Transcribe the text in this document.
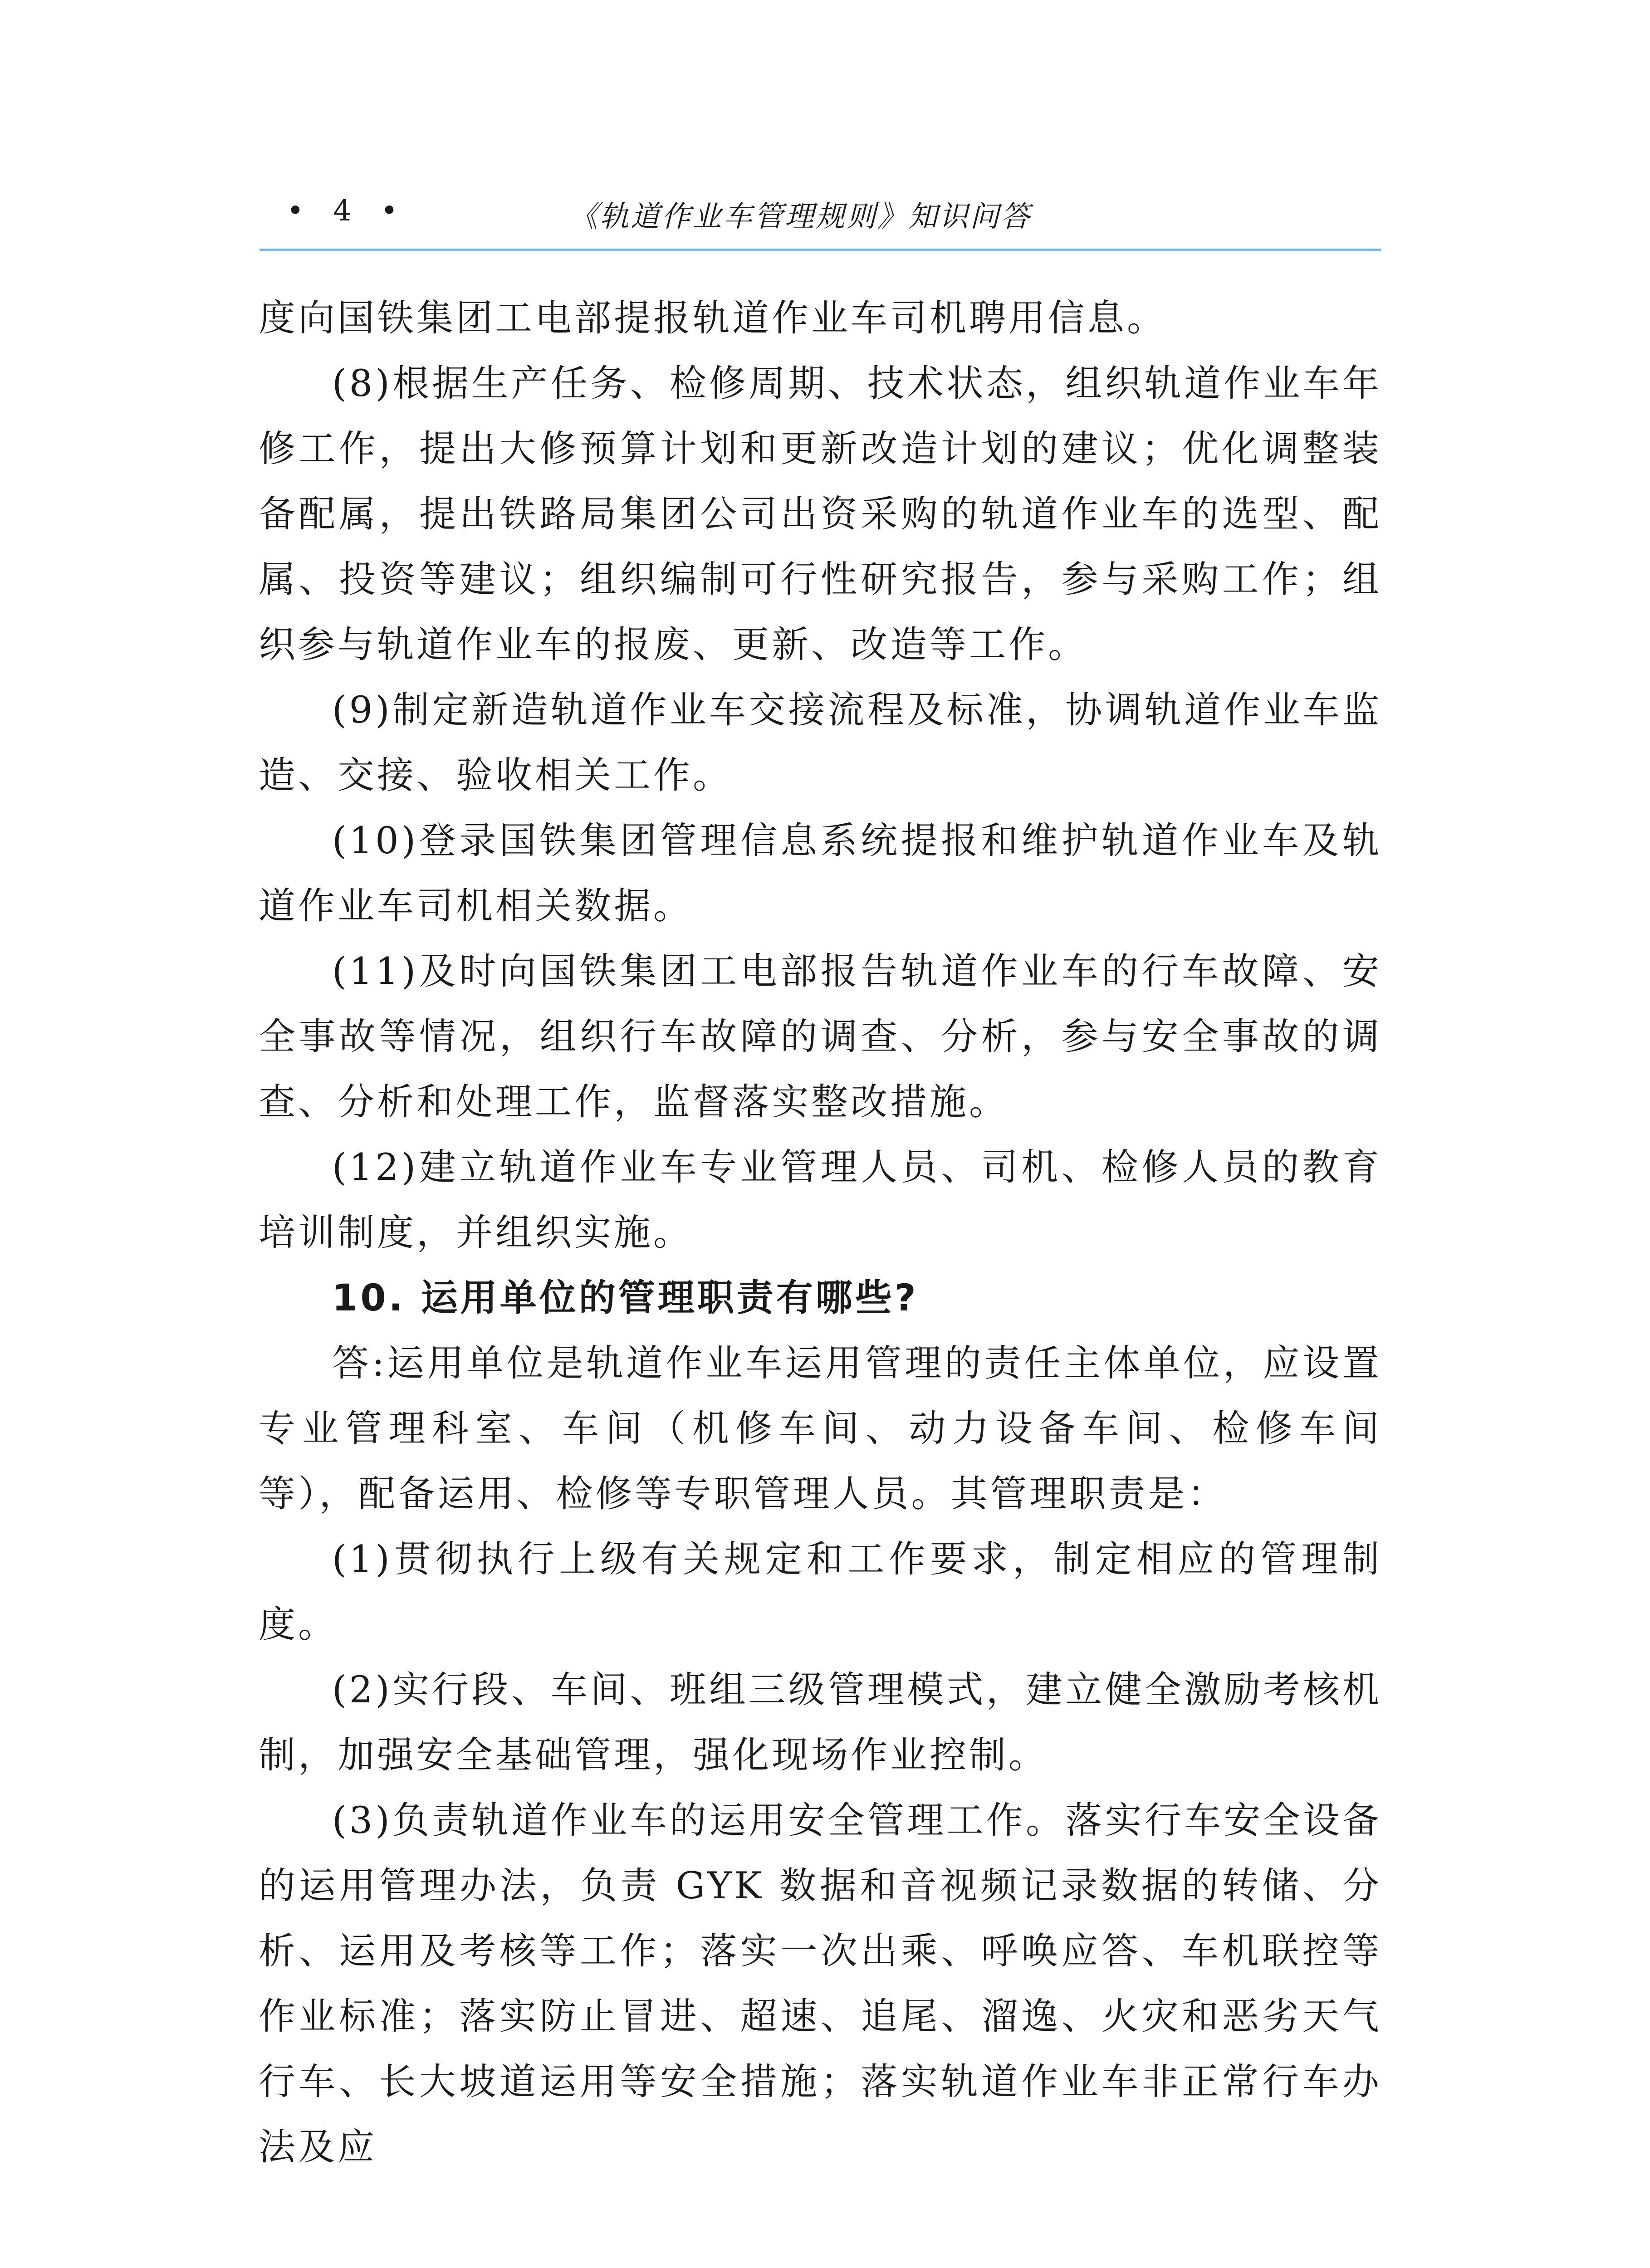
• 4 •	《轨道作业车管理规则》知识问答

度向国铁集团工电部提报轨道作业车司机聘用信息。

(8)根据生产任务、检修周期、技术状态，组织轨道作业车年修工作，提出大修预算计划和更新改造计划的建议；优化调整装备配属，提出铁路局集团公司出资采购的轨道作业车的选型、配属、投资等建议；组织编制可行性研究报告，参与采购工作；组织参与轨道作业车的报废、更新、改造等工作。

(9)制定新造轨道作业车交接流程及标准，协调轨道作业车监造、交接、验收相关工作。

(10)登录国铁集团管理信息系统提报和维护轨道作业车及轨道作业车司机相关数据。

(11)及时向国铁集团工电部报告轨道作业车的行车故障、安全事故等情况，组织行车故障的调查、分析，参与安全事故的调查、分析和处理工作，监督落实整改措施。

(12)建立轨道作业车专业管理人员、司机、检修人员的教育培训制度，并组织实施。

10. 运用单位的管理职责有哪些?

答:运用单位是轨道作业车运用管理的责任主体单位，应设置专业管理科室、车间（机修车间、动力设备车间、检修车间等），配备运用、检修等专职管理人员。其管理职责是：

(1)贯彻执行上级有关规定和工作要求，制定相应的管理制度。

(2)实行段、车间、班组三级管理模式，建立健全激励考核机制，加强安全基础管理，强化现场作业控制。

(3)负责轨道作业车的运用安全管理工作。落实行车安全设备的运用管理办法，负责 GYK 数据和音视频记录数据的转储、分析、运用及考核等工作；落实一次出乘、呼唤应答、车机联控等作业标准；落实防止冒进、超速、追尾、溜逸、火灾和恶劣天气行车、长大坡道运用等安全措施；落实轨道作业车非正常行车办法及应
